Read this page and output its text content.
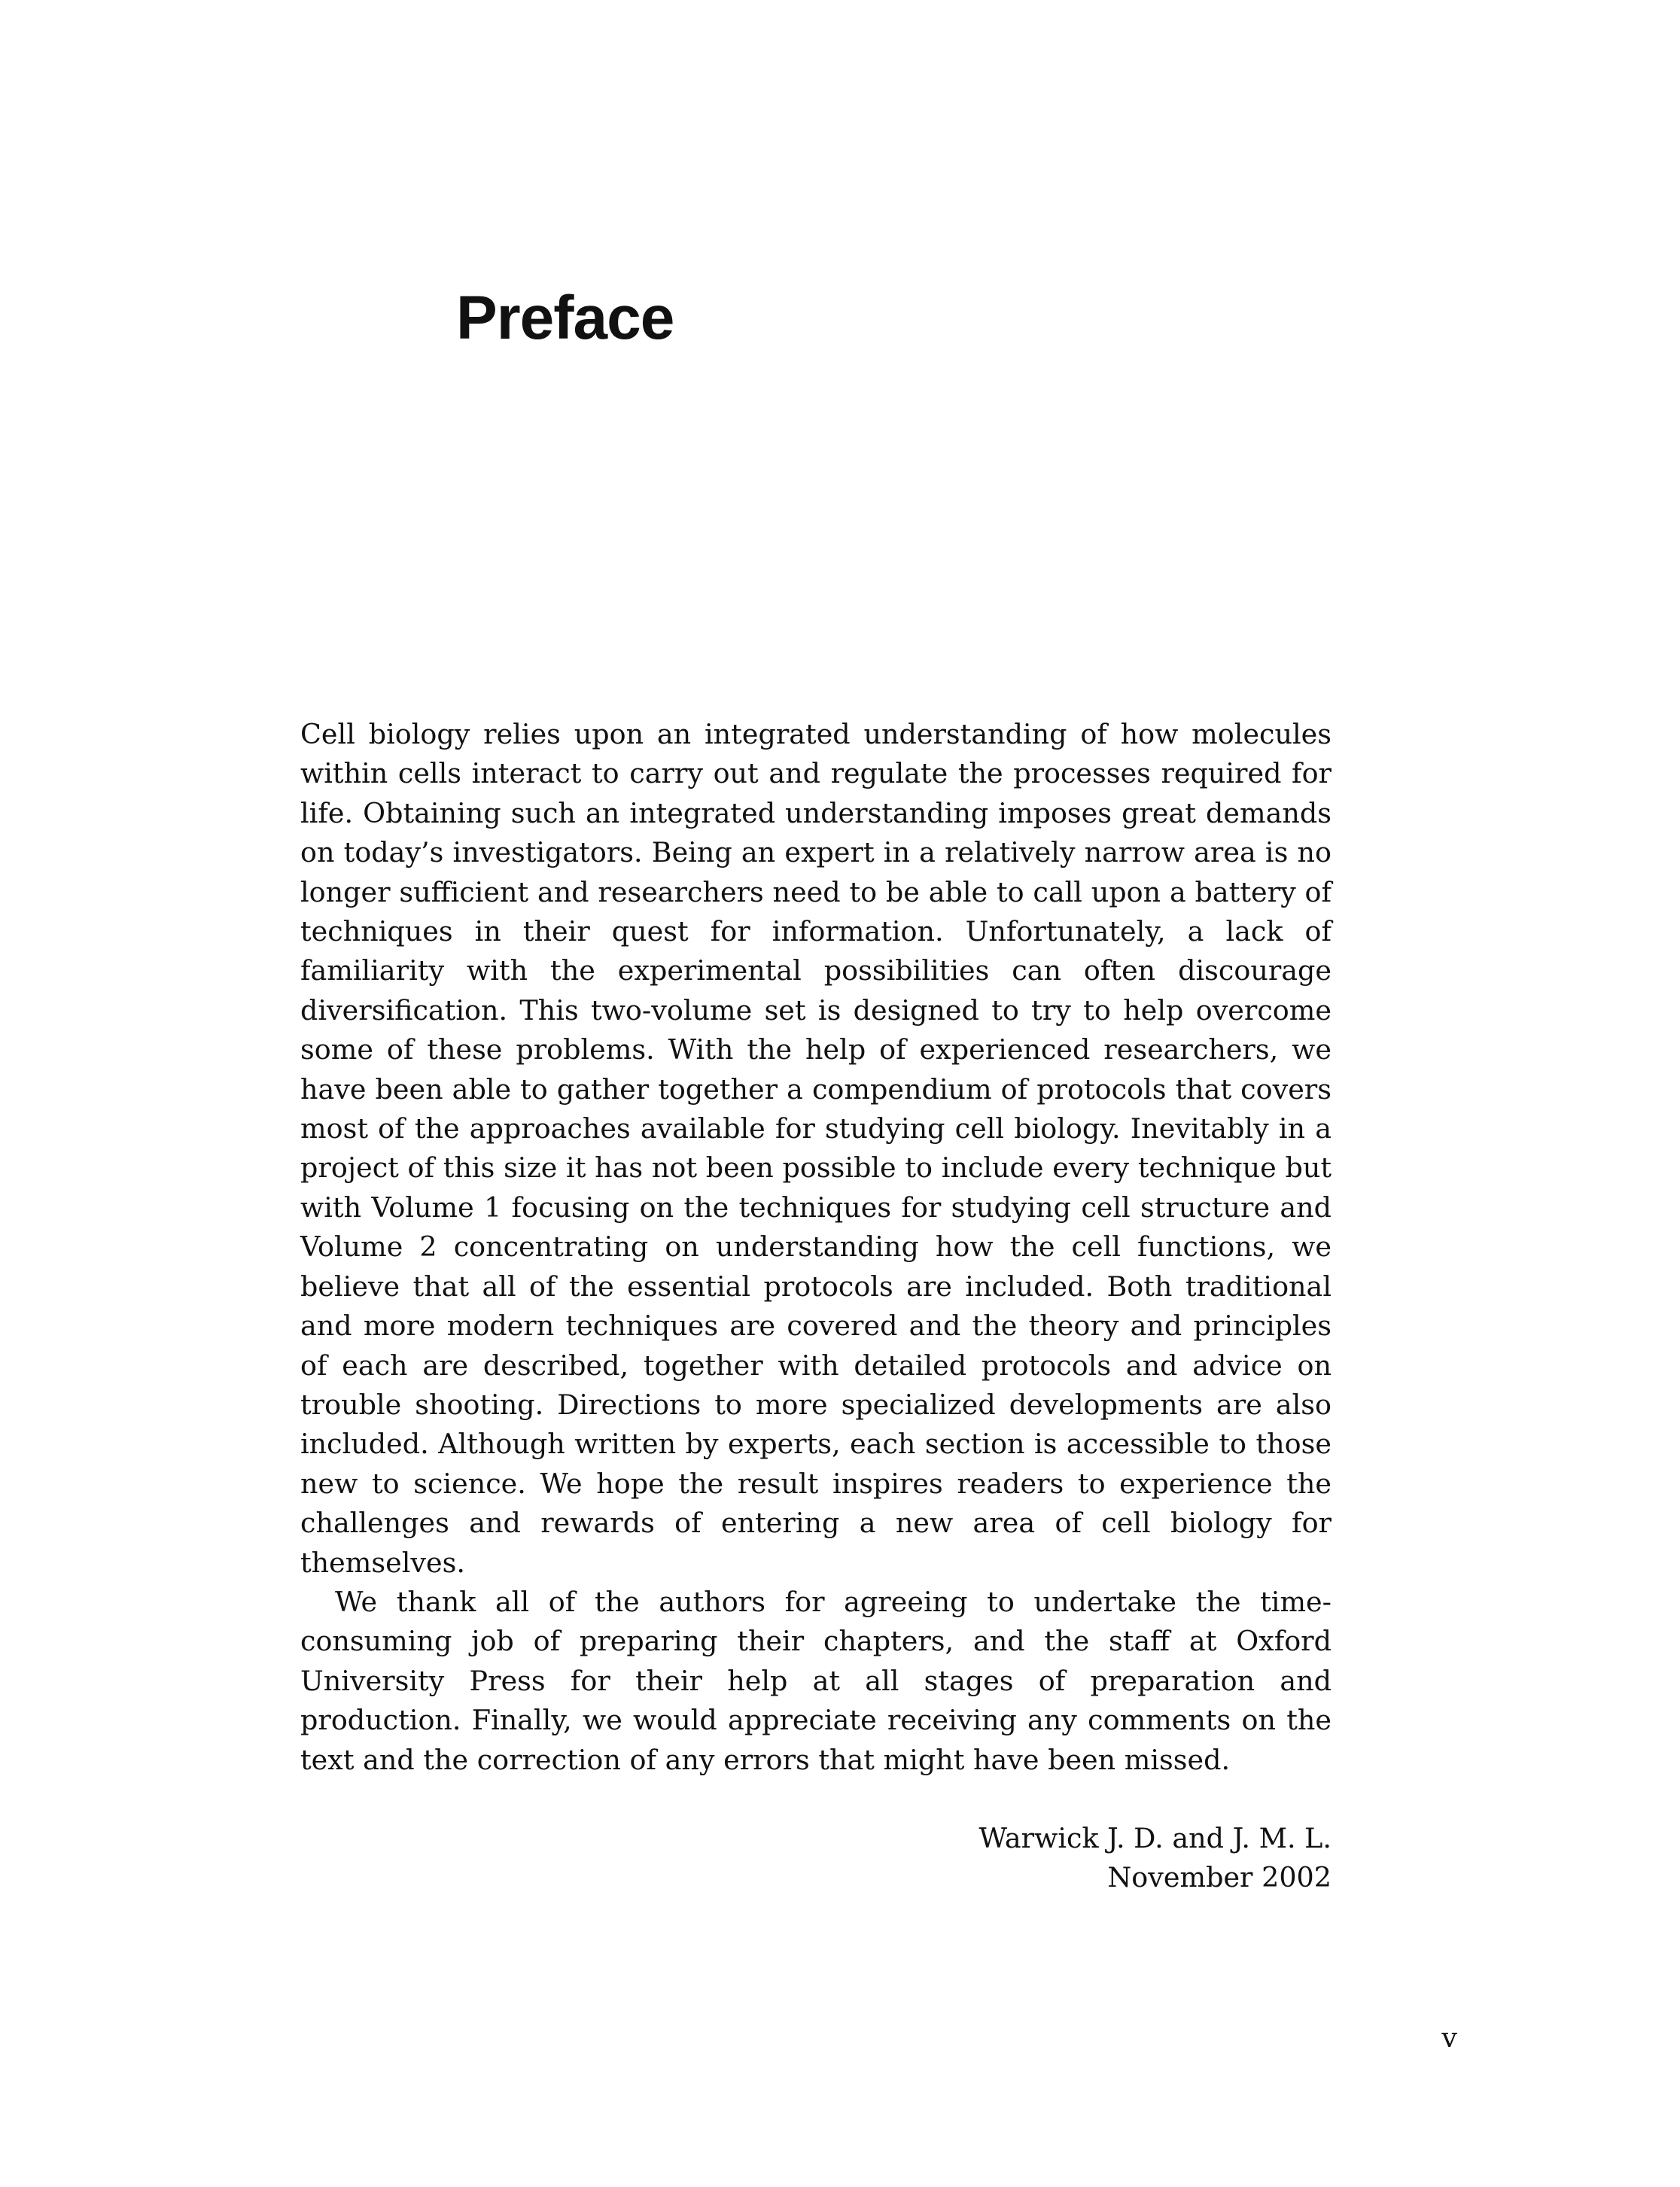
Preface

Cell biology relies upon an integrated understanding of how molecules within cells interact to carry out and regulate the processes required for life. Obtaining such an integrated understanding imposes great demands on today’s investigators. Being an expert in a relatively narrow area is no longer sufficient and researchers need to be able to call upon a battery of techniques in their quest for information. Unfortunately, a lack of familiarity with the experimental possibilities can often discourage diversification. This two-volume set is designed to try to help overcome some of these problems. With the help of experienced researchers, we have been able to gather together a compendium of protocols that covers most of the approaches available for studying cell biology. Inevitably in a project of this size it has not been possible to include every technique but with Volume 1 focusing on the techniques for studying cell structure and Volume 2 concentrating on understanding how the cell functions, we believe that all of the essential protocols are included. Both traditional and more modern techniques are covered and the theory and principles of each are described, together with detailed protocols and advice on trouble shooting. Directions to more specialized developments are also included. Although written by experts, each section is accessible to those new to science. We hope the result inspires readers to experience the challenges and rewards of entering a new area of cell biology for themselves.

We thank all of the authors for agreeing to undertake the time-consuming job of preparing their chapters, and the staff at Oxford University Press for their help at all stages of preparation and production. Finally, we would appreciate receiving any comments on the text and the correction of any errors that might have been missed.

Warwick J. D. and J. M. L.
November 2002
v
